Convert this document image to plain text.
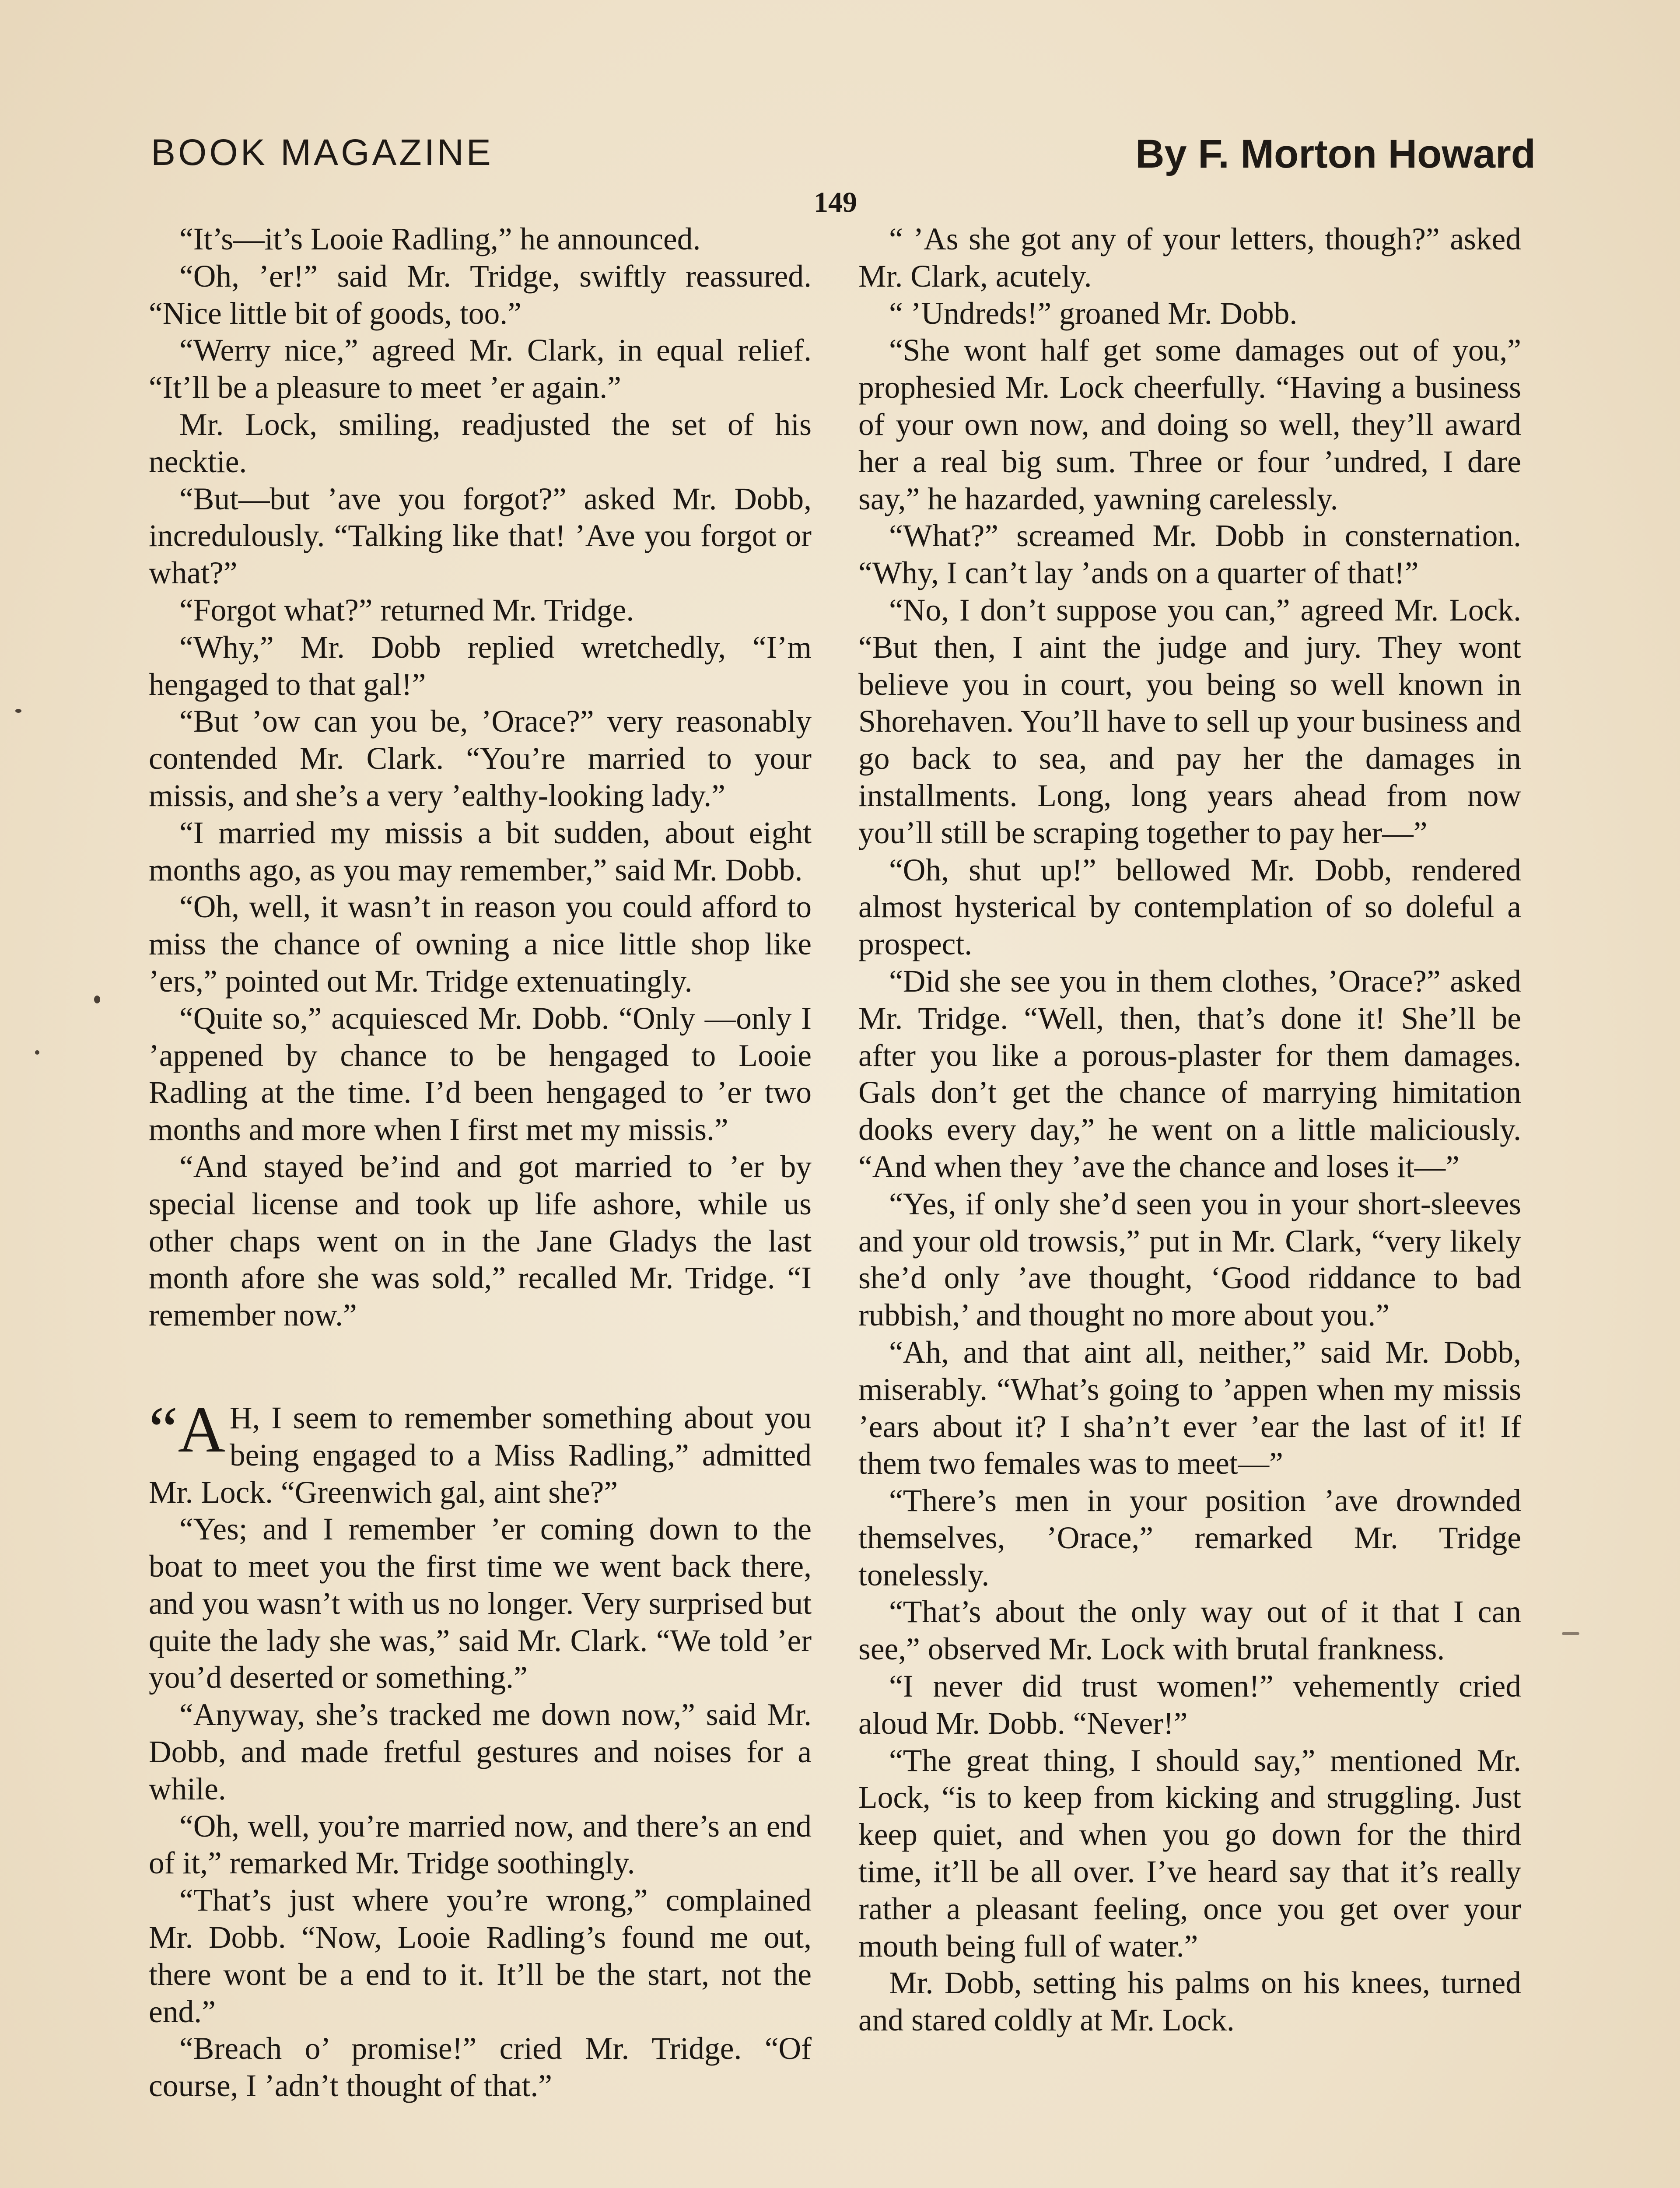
BOOK MAGAZINE	By F. Morton Howard
149

“It’s—it’s Looie Radling,” he announced.

“Oh, ’er!” said Mr. Tridge, swiftly reassured. “Nice little bit of goods, too.”

“Werry nice,” agreed Mr. Clark, in equal relief. “It’ll be a pleasure to meet ’er again.”

Mr. Lock, smiling, readjusted the set of his necktie.

“But—but ’ave you forgot?” asked Mr. Dobb, incredulously. “Talking like that! ’Ave you forgot or what?”

“Forgot what?” returned Mr. Tridge.

“Why,” Mr. Dobb replied wretchedly, “I’m hengaged to that gal!”

“But ’ow can you be, ’Orace?” very reasonably contended Mr. Clark. “You’re married to your missis, and she’s a very ’ealthy-looking lady.”

“I married my missis a bit sudden, about eight months ago, as you may remember,” said Mr. Dobb.

“Oh, well, it wasn’t in reason you could afford to miss the chance of owning a nice little shop like ’ers,” pointed out Mr. Tridge extenuatingly.

“Quite so,” acquiesced Mr. Dobb. “Only —only I ’appened by chance to be hengaged to Looie Radling at the time. I’d been hengaged to ’er two months and more when I first met my missis.”

“And stayed be’ind and got married to ’er by special license and took up life ashore, while us other chaps went on in the Jane Gladys the last month afore she was sold,” recalled Mr. Tridge. “I remember now.”

“A H, I seem to remember something about you being engaged to a Miss Radling,” admitted Mr. Lock. “Greenwich gal, aint she?”

“Yes; and I remember ’er coming down to the boat to meet you the first time we went back there, and you wasn’t with us no longer. Very surprised but quite the lady she was,” said Mr. Clark. “We told ’er you’d deserted or something.”

“Anyway, she’s tracked me down now,” said Mr. Dobb, and made fretful gestures and noises for a while.

“Oh, well, you’re married now, and there’s an end of it,” remarked Mr. Tridge soothingly.

“That’s just where you’re wrong,” complained Mr. Dobb. “Now, Looie Radling’s found me out, there wont be a end to it. It’ll be the start, not the end.”

“Breach o’ promise!” cried Mr. Tridge. “Of course, I ’adn’t thought of that.”

“ ’As she got any of your letters, though?” asked Mr. Clark, acutely.

“ ’Undreds!” groaned Mr. Dobb.

“She wont half get some damages out of you,” prophesied Mr. Lock cheerfully. “Having a business of your own now, and doing so well, they’ll award her a real big sum. Three or four ’undred, I dare say,” he hazarded, yawning carelessly.

“What?” screamed Mr. Dobb in consternation. “Why, I can’t lay ’ands on a quarter of that!”

“No, I don’t suppose you can,” agreed Mr. Lock. “But then, I aint the judge and jury. They wont believe you in court, you being so well known in Shorehaven. You’ll have to sell up your business and go back to sea, and pay her the damages in installments. Long, long years ahead from now you’ll still be scraping together to pay her—”

“Oh, shut up!” bellowed Mr. Dobb, rendered almost hysterical by contemplation of so doleful a prospect.

“Did she see you in them clothes, ’Orace?” asked Mr. Tridge. “Well, then, that’s done it! She’ll be after you like a porous-plaster for them damages. Gals don’t get the chance of marrying himitation dooks every day,” he went on a little maliciously. “And when they ’ave the chance and loses it—”

“Yes, if only she’d seen you in your short-sleeves and your old trowsis,” put in Mr. Clark, “very likely she’d only ’ave thought, ‘Good riddance to bad rubbish,’ and thought no more about you.”

“Ah, and that aint all, neither,” said Mr. Dobb, miserably. “What’s going to ’appen when my missis ’ears about it? I sha’n’t ever ’ear the last of it! If them two females was to meet—”

“There’s men in your position ’ave drownded themselves, ’Orace,” remarked Mr. Tridge tonelessly.

“That’s about the only way out of it that I can see,” observed Mr. Lock with brutal frankness.

“I never did trust women!” vehemently cried aloud Mr. Dobb. “Never!”

“The great thing, I should say,” mentioned Mr. Lock, “is to keep from kicking and struggling. Just keep quiet, and when you go down for the third time, it’ll be all over. I’ve heard say that it’s really rather a pleasant feeling, once you get over your mouth being full of water.”

Mr. Dobb, setting his palms on his knees, turned and stared coldly at Mr. Lock.
